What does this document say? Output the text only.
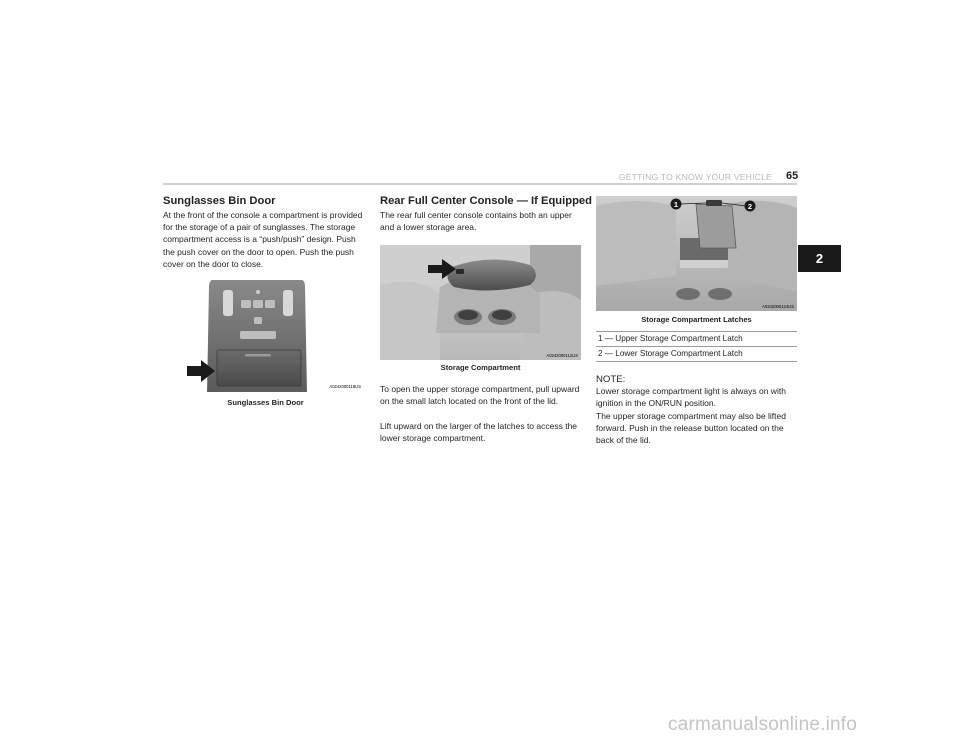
GETTING TO KNOW YOUR VEHICLE 65
2
Sunglasses Bin Door

At the front of the console a compartment is provided for the storage of a pair of sunglasses. The storage compartment access is a “push/push” design. Push the push cover on the door to open. Push the push cover on the door to close.

A0242000118US
Sunglasses Bin Door
Rear Full Center Console — If Equipped

The rear full center console contains both an upper and a lower storage area.

A0242000112US
Storage Compartment

To open the upper storage compartment, pull upward on the small latch located on the front of the lid.

Lift upward on the larger of the latches to access the lower storage compartment.

1	2
A0242000124US
Storage Compartment Latches
1 — Upper Storage Compartment Latch
2 — Lower Storage Compartment Latch
NOTE:

Lower storage compartment light is always on with ignition in the ON/RUN position.

The upper storage compartment may also be lifted forward. Push in the release button located on the back of the lid.

carmanualsonline.info
